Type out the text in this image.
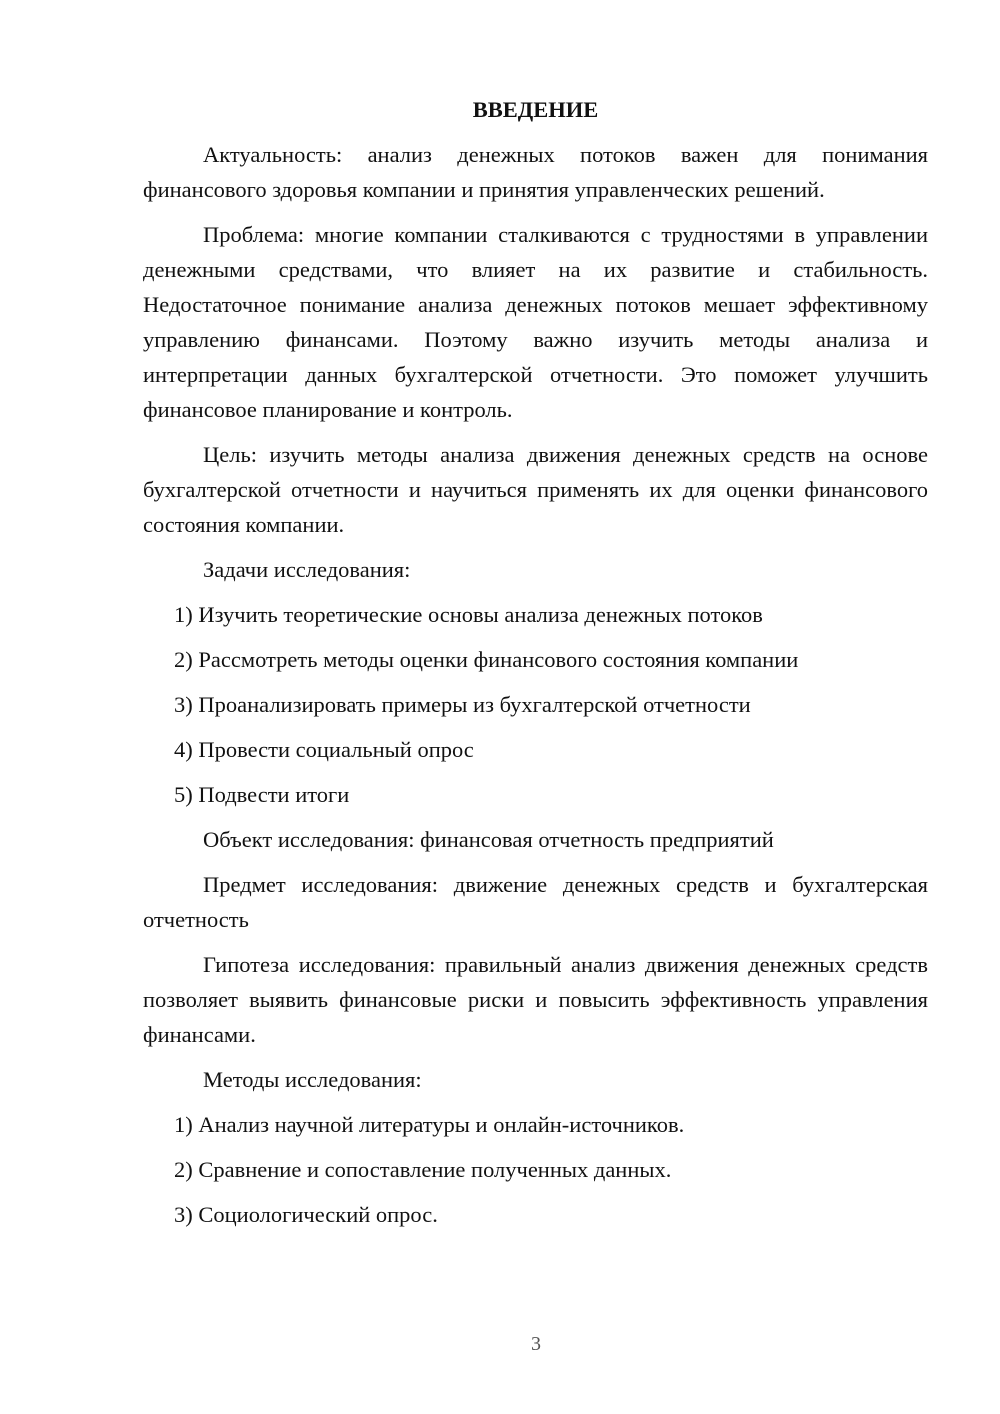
ВВЕДЕНИЕ

Актуальность: анализ денежных потоков важен для понимания финансового здоровья компании и принятия управленческих решений.

Проблема: многие компании сталкиваются с трудностями в управлении денежными средствами, что влияет на их развитие и стабильность. Недостаточное понимание анализа денежных потоков мешает эффективному управлению финансами. Поэтому важно изучить методы анализа и интерпретации данных бухгалтерской отчетности. Это поможет улучшить финансовое планирование и контроль.

Цель: изучить методы анализа движения денежных средств на основе бухгалтерской отчетности и научиться применять их для оценки финансового состояния компании.

Задачи исследования:

1) Изучить теоретические основы анализа денежных потоков
2) Рассмотреть методы оценки финансового состояния компании
3) Проанализировать примеры из бухгалтерской отчетности
4) Провести социальный опрос
5) Подвести итоги

Объект исследования: финансовая отчетность предприятий

Предмет исследования: движение денежных средств и бухгалтерская отчетность

Гипотеза исследования: правильный анализ движения денежных средств позволяет выявить финансовые риски и повысить эффективность управления финансами.

Методы исследования:

1) Анализ научной литературы и онлайн-источников.
2) Сравнение и сопоставление полученных данных.
3) Социологический опрос.
3
